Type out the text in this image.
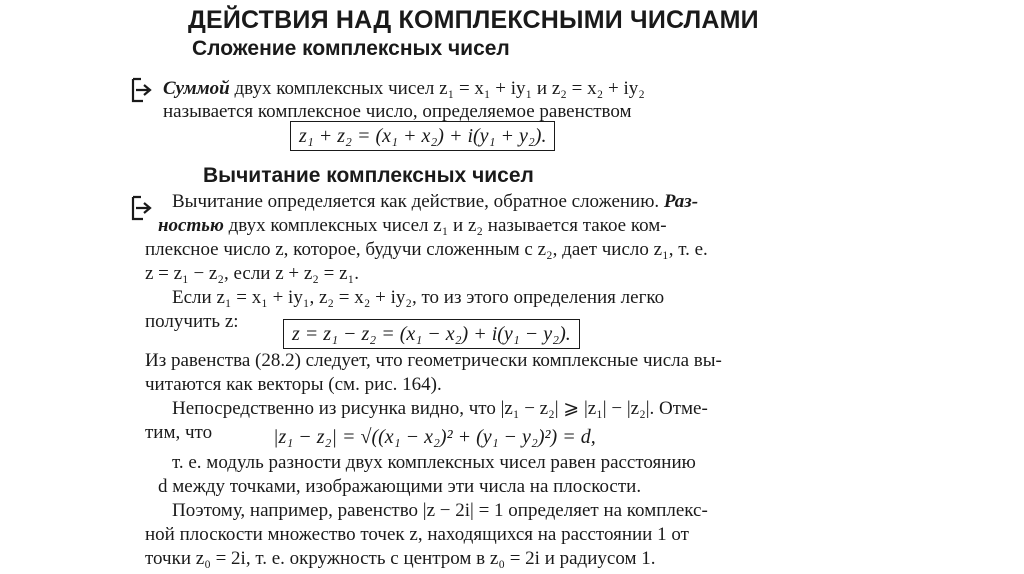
ДЕЙСТВИЯ НАД КОМПЛЕКСНЫМИ ЧИСЛАМИ
Сложение комплексных чисел
Суммой двух комплексных чисел z₁ = x₁ + iy₁ и z₂ = x₂ + iy₂
называется комплексное число, определяемое равенством
z₁ + z₂ = (x₁ + x₂) + i(y₁ + y₂).
Вычитание комплексных чисел
Вычитание определяется как действие, обратное сложению. Раз-
ностью двух комплексных чисел z₁ и z₂ называется такое ком-
плексное число z, которое, будучи сложенным с z₂, дает число z₁, т. е.
z = z₁ − z₂, если z + z₂ = z₁.
Если z₁ = x₁ + iy₁, z₂ = x₂ + iy₂, то из этого определения легко
получить z:
z = z₁ − z₂ = (x₁ − x₂) + i(y₁ − y₂).
Из равенства (28.2) следует, что геометрически комплексные числа вы-
читаются как векторы (см. рис. 164).
Непосредственно из рисунка видно, что |z₁ − z₂| ⩾ |z₁| − |z₂|. Отме-
тим, что	|z₁ − z₂| = √((x₁ − x₂)² + (y₁ − y₂)²) = d,
т. е. модуль разности двух комплексных чисел равен расстоянию
d между точками, изображающими эти числа на плоскости.
Поэтому, например, равенство |z − 2i| = 1 определяет на комплекс-
ной плоскости множество точек z, находящихся на расстоянии 1 от
точки z₀ = 2i, т. е. окружность с центром в z₀ = 2i и радиусом 1.
